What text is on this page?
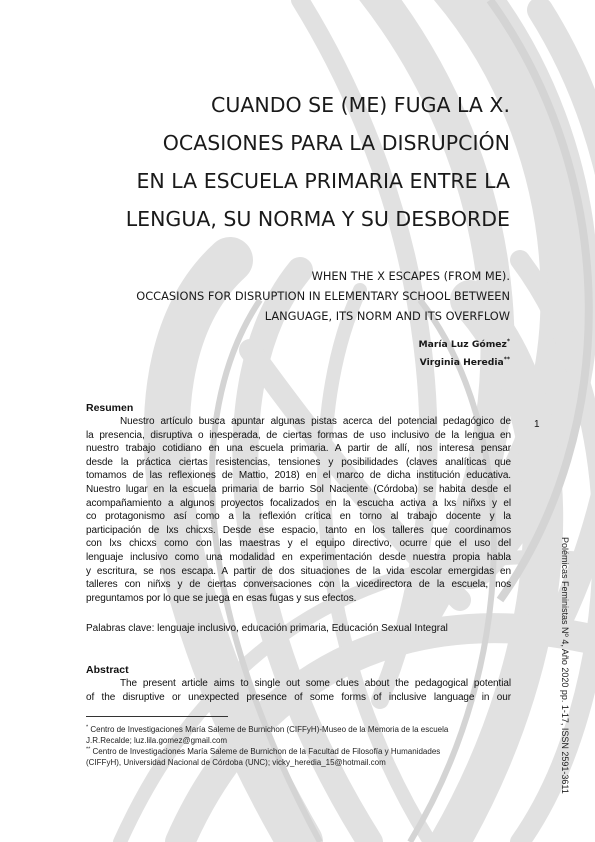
CUANDO SE (ME) FUGA LA X.
OCASIONES PARA LA DISRUPCIÓN
EN LA ESCUELA PRIMARIA ENTRE LA
LENGUA, SU NORMA Y SU DESBORDE
WHEN THE X ESCAPES (FROM ME).
OCCASIONS FOR DISRUPTION IN ELEMENTARY SCHOOL BETWEEN
LANGUAGE, ITS NORM AND ITS OVERFLOW
María Luz Gómez*
Virginia Heredia**
Resumen
Nuestro artículo busca apuntar algunas pistas acerca del potencial pedagógico de
la presencia, disruptiva o inesperada, de ciertas formas de uso inclusivo de la lengua en
nuestro trabajo cotidiano en una escuela primaria. A partir de allí, nos interesa pensar
desde la práctica ciertas resistencias, tensiones y posibilidades (claves analíticas que
tomamos de las reflexiones de Mattio, 2018) en el marco de dicha institución educativa.
Nuestro lugar en la escuela primaria de barrio Sol Naciente (Córdoba) se habita desde el
acompañamiento a algunos proyectos focalizados en la escucha activa a lxs niñxs y el
co protagonismo así como a la reflexión crítica en torno al trabajo docente y la
participación de lxs chicxs. Desde ese espacio, tanto en los talleres que coordinamos
con lxs chicxs como con las maestras y el equipo directivo, ocurre que el uso del
lenguaje inclusivo como una modalidad en experimentación desde nuestra propia habla
y escritura, se nos escapa. A partir de dos situaciones de la vida escolar emergidas en
talleres con niñxs y de ciertas conversaciones con la vicedirectora de la escuela, nos
preguntamos por lo que se juega en esas fugas y sus efectos.
Palabras clave: lenguaje inclusivo, educación primaria, Educación Sexual Integral
Abstract
The present article aims to single out some clues about the pedagogical potential
of the disruptive or unexpected presence of some forms of inclusive language in our
1
* Centro de Investigaciones María Saleme de Burnichon (CIFFyH)-Museo de la Memoria de la escuela
J.R.Recalde; luz.lila.gomez@gmail.com
** Centro de Investigaciones María Saleme de Burnichon de la Facultad de Filosofía y Humanidades
(CIFFyH), Universidad Nacional de Córdoba (UNC); vicky_heredia_15@hotmail.com	Polémicas Feministas Nº 4, Año 2020 pp. 1-17, ISSN 2591-3611
